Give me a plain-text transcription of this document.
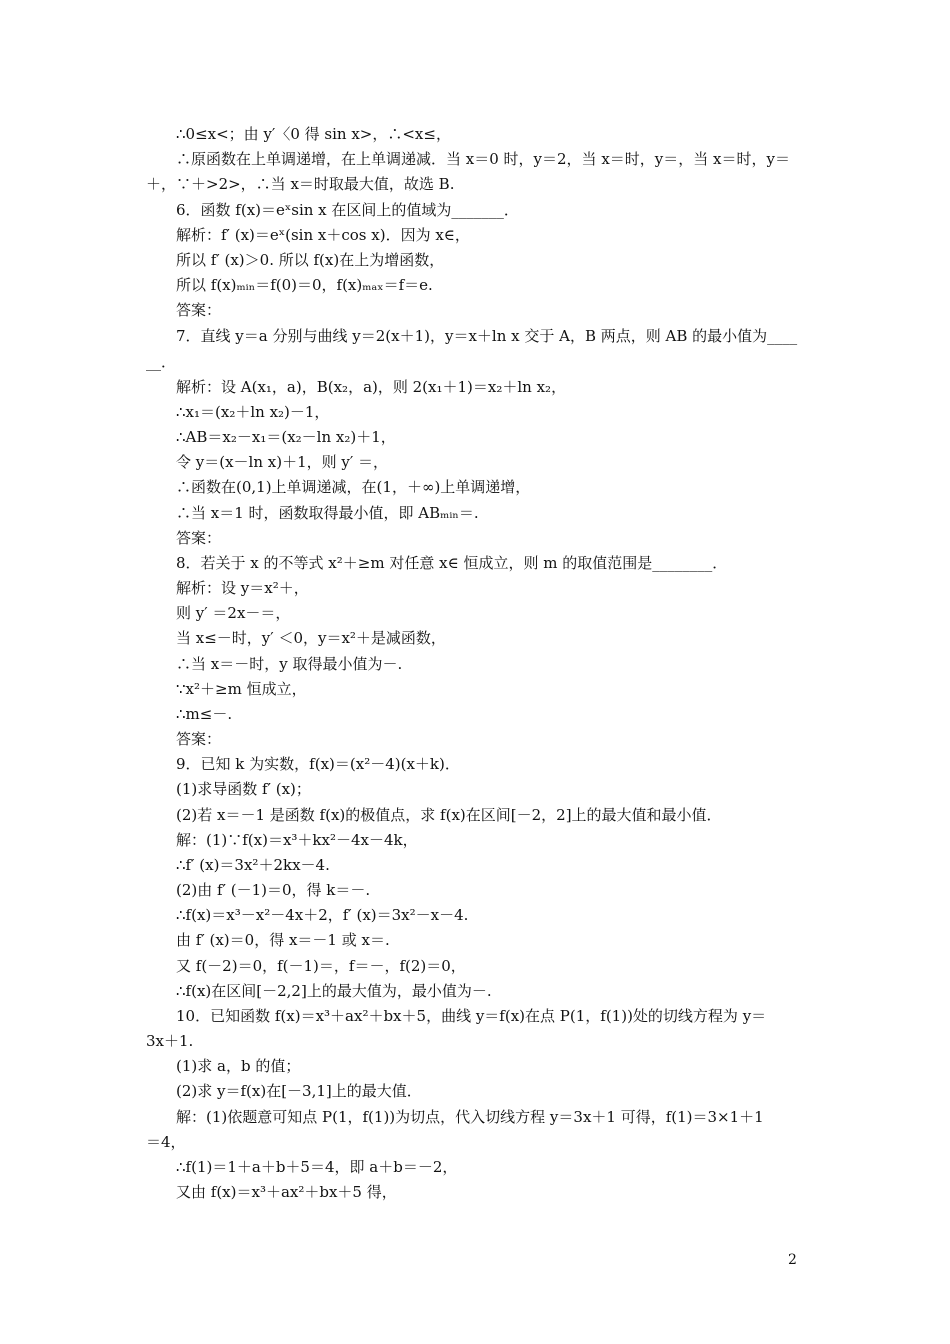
∴0≤x<；由 y′〈0 得 sin x>，∴<x≤，
∴原函数在上单调递增，在上单调递减．当 x＝0 时，y＝2，当 x＝时，y＝，当 x＝时，y＝
＋，∵＋>2>，∴当 x＝时取最大值，故选 B.
6．函数 f(x)＝eˣsin x 在区间上的值域为_______．
解析：f′ (x)＝eˣ(sin x＋cos x)．因为 x∈，
所以 f′ (x)＞0. 所以 f(x)在上为增函数，
所以 f(x)ₘᵢₙ＝f(0)＝0，f(x)ₘₐₓ＝f＝e.
答案：
7．直线 y＝a 分别与曲线 y＝2(x＋1)，y＝x＋ln x 交于 A，B 两点，则 AB 的最小值为____
__．
解析：设 A(x₁，a)，B(x₂，a)，则 2(x₁＋1)＝x₂＋ln x₂，
∴x₁＝(x₂＋ln x₂)－1，
∴AB＝x₂－x₁＝(x₂－ln x₂)＋1，
令 y＝(x－ln x)＋1，则 y′ ＝，
∴函数在(0,1)上单调递减，在(1，＋∞)上单调递增，
∴当 x＝1 时，函数取得最小值，即 ABₘᵢₙ＝.
答案：
8．若关于 x 的不等式 x²＋≥m 对任意 x∈ 恒成立，则 m 的取值范围是________．
解析：设 y＝x²＋，
则 y′ ＝2x－＝，
当 x≤－时，y′ ＜0，y＝x²＋是减函数，
∴当 x＝－时，y 取得最小值为－.
∵x²＋≥m 恒成立，
∴m≤－.
答案：
9．已知 k 为实数，f(x)＝(x²－4)(x＋k)．
(1)求导函数 f′ (x)；
(2)若 x＝－1 是函数 f(x)的极值点，求 f(x)在区间[－2，2]上的最大值和最小值．
解：(1)∵f(x)＝x³＋kx²－4x－4k，
∴f′ (x)＝3x²＋2kx－4.
(2)由 f′ (－1)＝0，得 k＝－.
∴f(x)＝x³－x²－4x＋2，f′ (x)＝3x²－x－4.
由 f′ (x)＝0，得 x＝－1 或 x＝.
又 f(－2)＝0，f(－1)＝，f＝－，f(2)＝0，
∴f(x)在区间[－2,2]上的最大值为，最小值为－.
10．已知函数 f(x)＝x³＋ax²＋bx＋5，曲线 y＝f(x)在点 P(1，f(1))处的切线方程为 y＝
3x＋1.
(1)求 a，b 的值；
(2)求 y＝f(x)在[－3,1]上的最大值．
解：(1)依题意可知点 P(1，f(1))为切点，代入切线方程 y＝3x＋1 可得，f(1)＝3×1＋1
＝4，
∴f(1)＝1＋a＋b＋5＝4，即 a＋b＝－2，
又由 f(x)＝x³＋ax²＋bx＋5 得，
2
